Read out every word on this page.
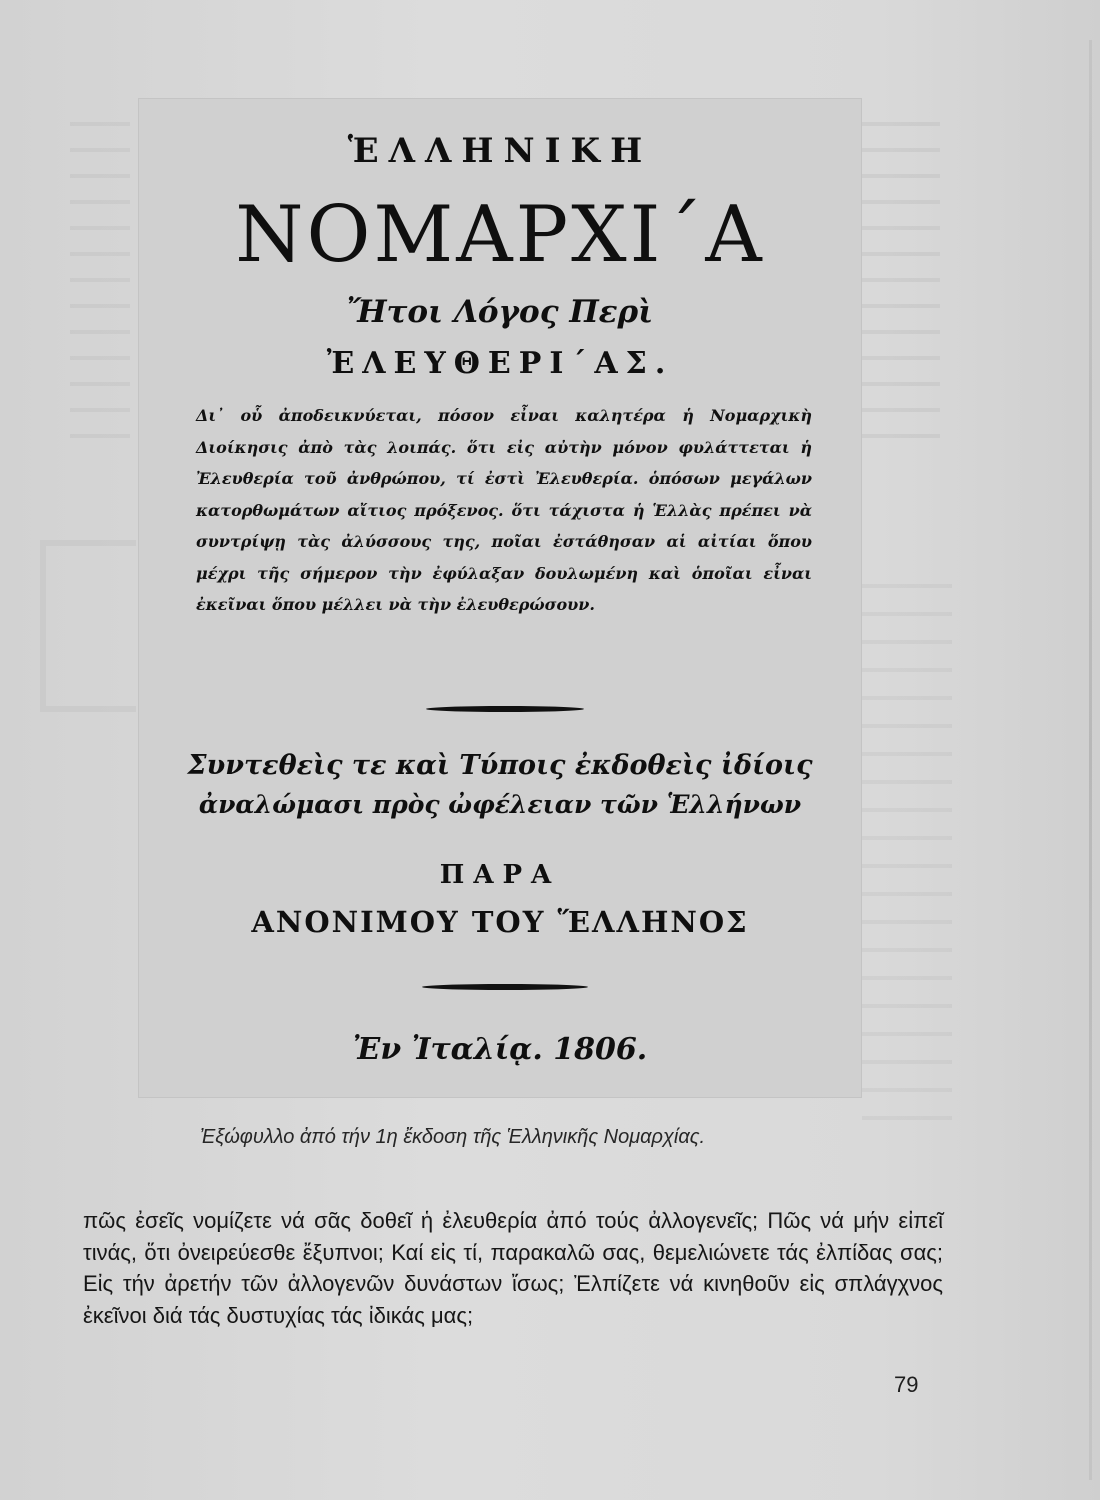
ἙΛΛΗΝΙΚΗ
ΝΟΜΑΡΧΙ΄Α
Ἤτοι Λόγος Περὶ
ἘΛΕΥΘΕΡΙ΄ΑΣ.
Δι᾽ οὗ ἀποδεικνύεται, πόσον εἶναι καλητέρα ἡ Νομαρχικὴ Διοίκησις ἀπὸ τὰς λοιπάς. ὅτι εἰς αὐτὴν μόνον φυλάττεται ἡ Ἐλευθερία τοῦ ἀνθρώπου, τί ἐστὶ Ἐλευθερία. ὁπόσων μεγάλων κατορθωμάτων αἴτιος πρόξενος. ὅτι τάχιστα ἡ Ἑλλὰς πρέπει νὰ συντρίψῃ τὰς ἀλύσσους της, ποῖαι ἐστάθησαν αἱ αἰτίαι ὅπου μέχρι τῆς σήμερον τὴν ἐφύλαξαν δουλωμένη καὶ ὁποῖαι εἶναι ἐκεῖναι ὅπου μέλλει νὰ τὴν ἐλευθερώσουν.
Συντεθεὶς τε καὶ Τύποις ἐκδοθεὶς ἰδίοις
ἀναλώμασι πρὸς ὠφέλειαν τῶν Ἑλλήνων
ΠΑΡΑ
ΑΝΟΝΙΜΟΥ ΤΟΥ ἝΛΛΗΝΟΣ
Ἐν Ἰταλίᾳ. 1806.
Ἐξώφυλλο ἀπό τήν 1η ἔκδοση τῆς Ἑλληνικῆς Νομαρχίας.
πῶς ἐσεῖς νομίζετε νά σᾶς δοθεῖ ἡ ἐλευθερία ἀπό τούς ἀλλογενεῖς; Πῶς νά μήν εἰπεῖ τινάς, ὅτι ὀνειρεύεσθε ἔξυπνοι; Καί εἰς τί, παρακαλῶ σας, θεμελιώνετε τάς ἐλπίδας σας; Εἰς τήν ἀρετήν τῶν ἀλλογενῶν δυνάστων ἴσως; Ἐλπίζετε νά κινηθοῦν εἰς σπλάγχνος ἐκεῖνοι διά τάς δυστυχίας τάς ἰδικάς μας;
79
